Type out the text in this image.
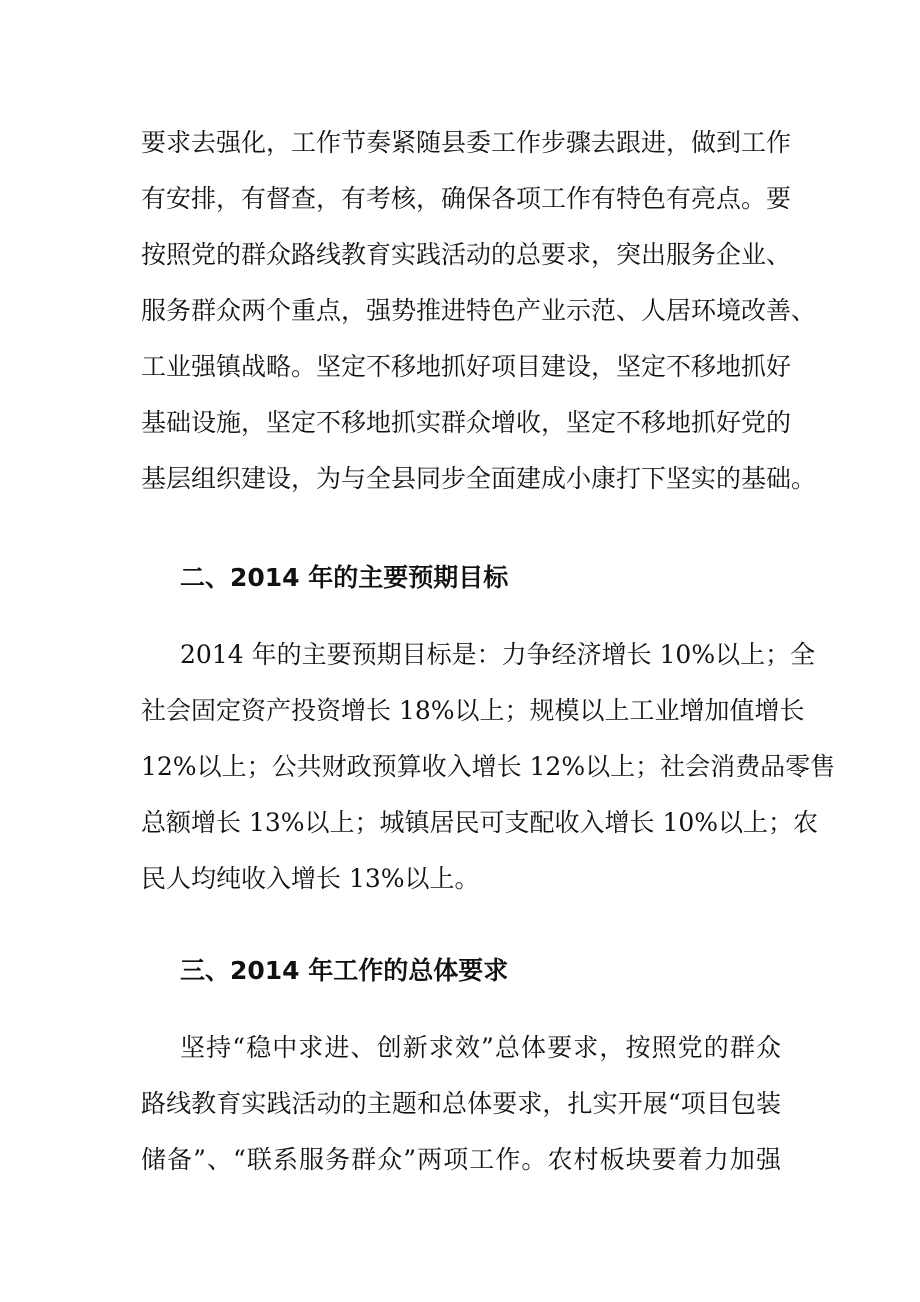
要求去强化，工作节奏紧随县委工作步骤去跟进，做到工作
有安排，有督查，有考核，确保各项工作有特色有亮点。要
按照党的群众路线教育实践活动的总要求，突出服务企业、
服务群众两个重点，强势推进特色产业示范、人居环境改善、
工业强镇战略。坚定不移地抓好项目建设，坚定不移地抓好
基础设施，坚定不移地抓实群众增收，坚定不移地抓好党的
基层组织建设，为与全县同步全面建成小康打下坚实的基础。
二、2014 年的主要预期目标
2014 年的主要预期目标是：力争经济增长 10%以上；全
社会固定资产投资增长 18%以上；规模以上工业增加值增长
12%以上；公共财政预算收入增长 12%以上；社会消费品零售
总额增长 13%以上；城镇居民可支配收入增长 10%以上；农
民人均纯收入增长 13%以上。
三、2014 年工作的总体要求
坚持“稳中求进、创新求效”总体要求，按照党的群众
路线教育实践活动的主题和总体要求，扎实开展“项目包装
储备”、“联系服务群众”两项工作。农村板块要着力加强
